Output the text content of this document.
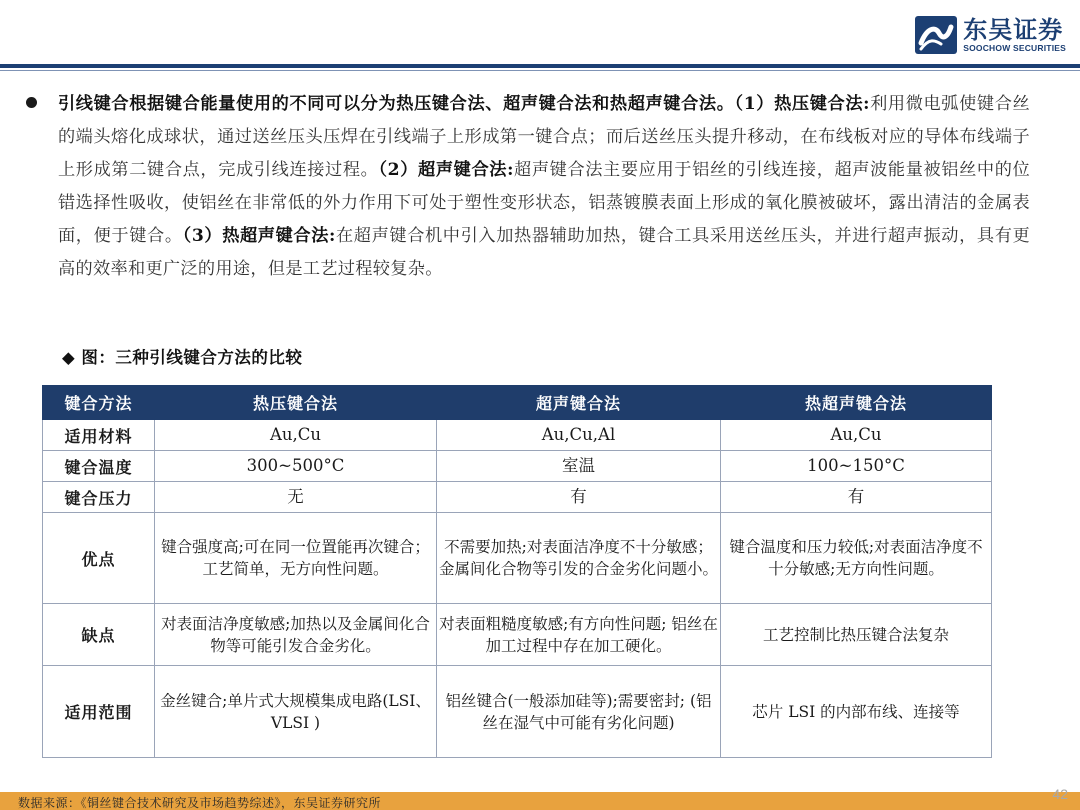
东吴证券
SOOCHOW SECURITIES

引线键合根据键合能量使用的不同可以分为热压键合法、超声键合法和热超声键合法。（1）热压键合法:利用微电弧使键合丝的端头熔化成球状，通过送丝压头压焊在引线端子上形成第一键合点；而后送丝压头提升移动，在布线板对应的导体布线端子上形成第二键合点，完成引线连接过程。（2）超声键合法:超声键合法主要应用于铝丝的引线连接，超声波能量被铝丝中的位错选择性吸收，使铝丝在非常低的外力作用下可处于塑性变形状态，铝蒸镀膜表面上形成的氧化膜被破坏，露出清洁的金属表面，便于键合。（3）热超声键合法:在超声键合机中引入加热器辅助加热，键合工具采用送丝压头，并进行超声振动，具有更高的效率和更广泛的用途，但是工艺过程较复杂。

◆ 图：三种引线键合方法的比较
键合方法	热压键合法	超声键合法	热超声键合法
适用材料	Au,Cu	Au,Cu,Al	Au,Cu
键合温度	300~500°C	室温	100~150°C
键合压力	无	有	有
优点	键合强度高;可在同一位置能再次键合； 工艺简单，无方向性问题。	不需要加热;对表面洁净度不十分敏感； 金属间化合物等引发的合金劣化问题小。	键合温度和压力较低;对表面洁净度不十分敏感;无方向性问题。
缺点	对表面洁净度敏感;加热以及金属间化合物等可能引发合金劣化。	对表面粗糙度敏感;有方向性问题; 铝丝在加工过程中存在加工硬化。	工艺控制比热压键合法复杂
适用范围	金丝键合;单片式大规模集成电路(LSI、VLSI )	铝丝键合(一般添加硅等);需要密封; (铝丝在湿气中可能有劣化问题)	芯片 LSI 的内部布线、连接等
数据来源：《铜丝键合技术研究及市场趋势综述》，东吴证券研究所
42
